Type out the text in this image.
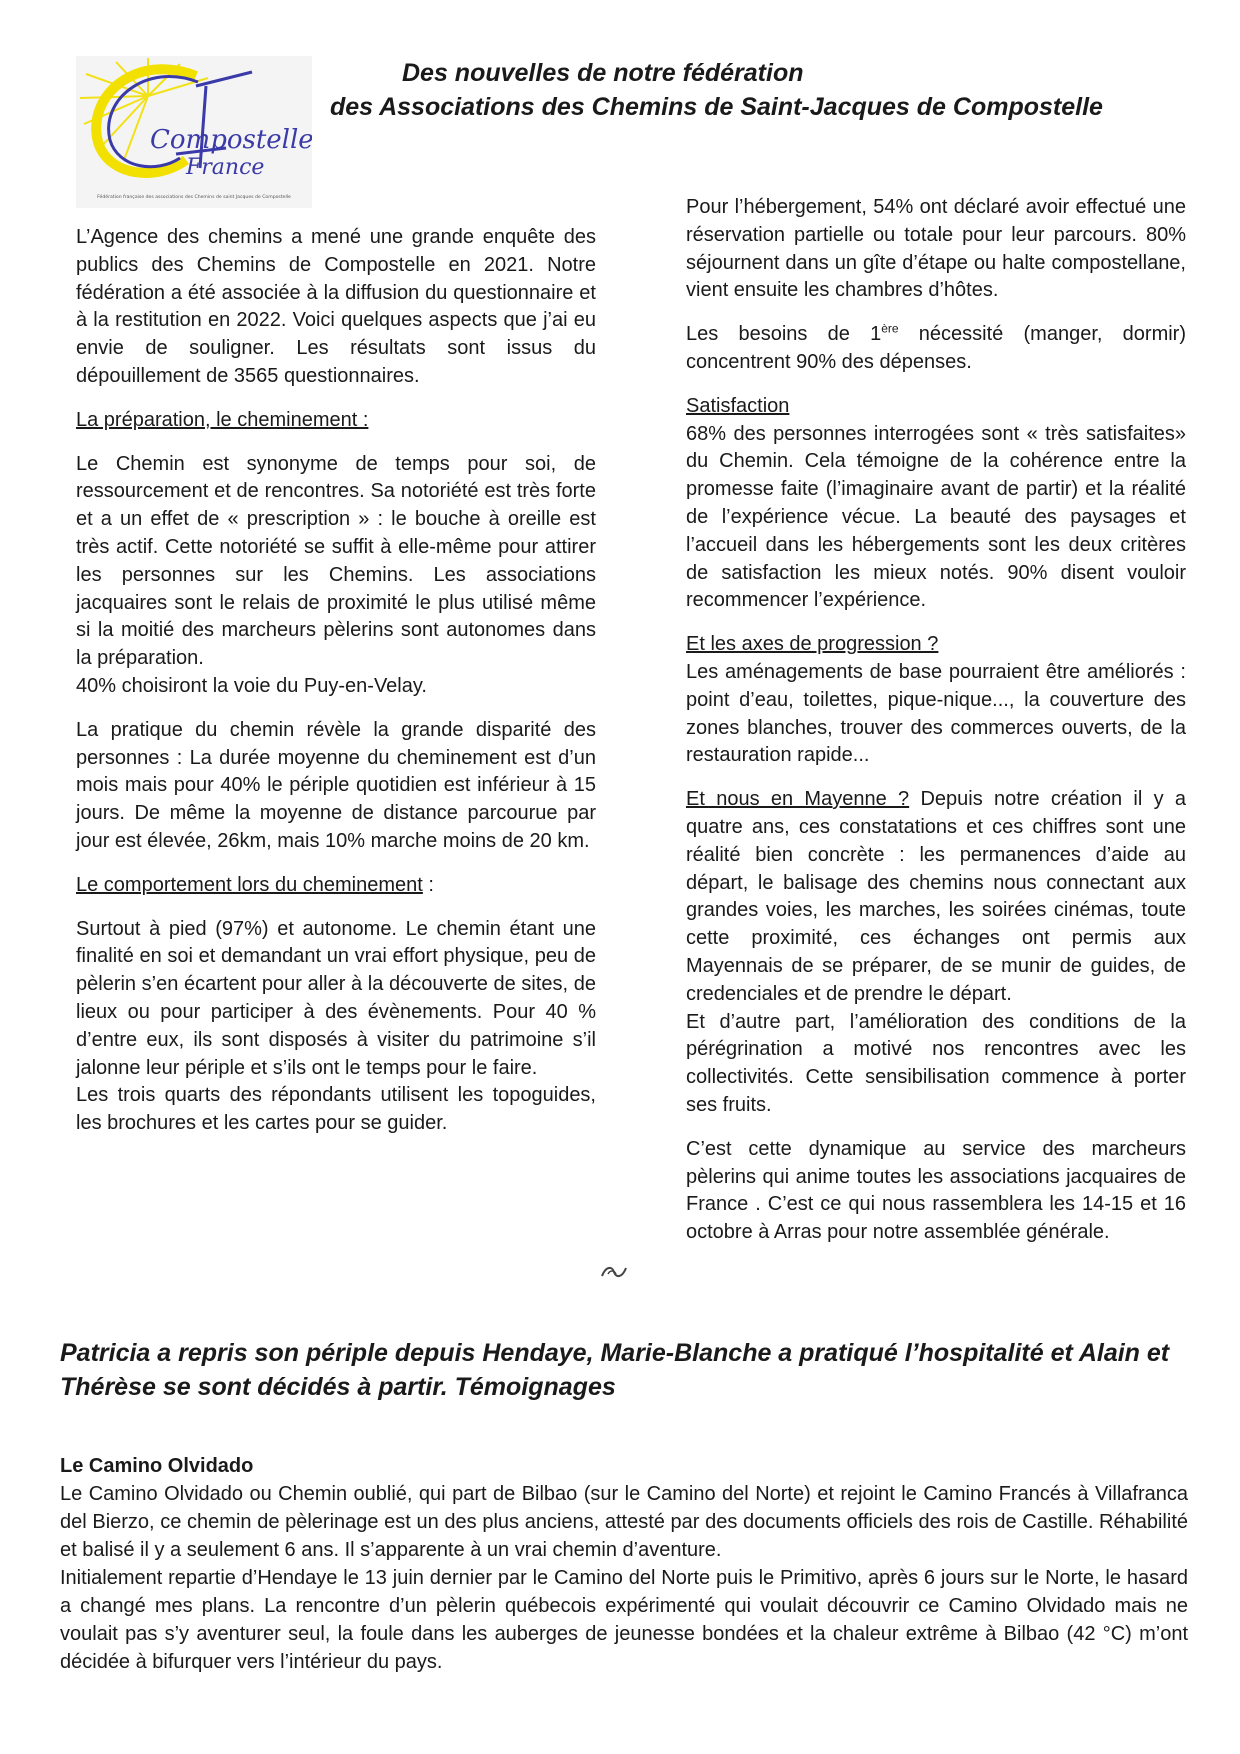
Compostelle
France
Fédération française des associations des Chemins de saint Jacques de Compostelle
Des nouvelles de notre fédération
des Associations des Chemins de Saint-Jacques de Compostelle

L’Agence des chemins a mené une grande enquête des publics des Chemins de Compostelle en 2021. Notre fédération a été associée à la diffusion du questionnaire et à la restitution en 2022. Voici quelques aspects que j’ai eu envie de souligner. Les résultats sont issus du dépouillement de 3565 questionnaires.

La préparation, le cheminement :

Le Chemin est synonyme de temps pour soi, de ressourcement et de rencontres. Sa notoriété est très forte et a un effet de « prescription » : le bouche à oreille est très actif. Cette notoriété se suffit à elle-même pour attirer les personnes sur les Chemins. Les associations jacquaires sont le relais de proximité le plus utilisé même si la moitié des marcheurs pèlerins sont autonomes dans la préparation.

40% choisiront la voie du Puy-en-Velay.

La pratique du chemin révèle la grande disparité des personnes : La durée moyenne du cheminement est d’un mois mais pour 40% le périple quotidien est inférieur à 15 jours. De même la moyenne de distance parcourue par jour est élevée, 26km, mais 10% marche moins de 20 km.

Le comportement lors du cheminement :

Surtout à pied (97%) et autonome. Le chemin étant une finalité en soi et demandant un vrai effort physique, peu de pèlerin s’en écartent pour aller à la découverte de sites, de lieux ou pour participer à des évènements. Pour 40 % d’entre eux, ils sont disposés à visiter du patrimoine s’il jalonne leur périple et s’ils ont le temps pour le faire.

Les trois quarts des répondants utilisent les topoguides, les brochures et les cartes pour se guider.

Pour l’hébergement, 54% ont déclaré avoir effectué une réservation partielle ou totale pour leur parcours. 80% séjournent dans un gîte d’étape ou halte compostellane, vient ensuite les chambres d’hôtes.

Les besoins de 1ère nécessité (manger, dormir) concentrent 90% des dépenses.

Satisfaction

68% des personnes interrogées sont « très satisfaites» du Chemin. Cela témoigne de la cohérence entre la promesse faite (l’imaginaire avant de partir) et la réalité de l’expérience vécue. La beauté des paysages et l’accueil dans les hébergements sont les deux critères de satisfaction les mieux notés. 90% disent vouloir recommencer l’expérience.

Et les axes de progression ?

Les aménagements de base pourraient être améliorés : point d’eau, toilettes, pique-nique..., la couverture des zones blanches, trouver des commerces ouverts, de la restauration rapide...

Et nous en Mayenne ? Depuis notre création il y a quatre ans, ces constatations et ces chiffres sont une réalité bien concrète : les permanences d’aide au départ, le balisage des chemins nous connectant aux grandes voies, les marches, les soirées cinémas, toute cette proximité, ces échanges ont permis aux Mayennais de se préparer, de se munir de guides, de credenciales et de prendre le départ.

Et d’autre part, l’amélioration des conditions de la pérégrination a motivé nos rencontres avec les collectivités. Cette sensibilisation commence à porter ses fruits.

C’est cette dynamique au service des marcheurs pèlerins qui anime toutes les associations jacquaires de France . C’est ce qui nous rassemblera les 14-15 et 16 octobre à Arras pour notre assemblée générale.

Patricia a repris son périple depuis Hendaye, Marie-Blanche a pratiqué l’hospitalité et Alain et Thérèse se sont décidés à partir. Témoignages
Le Camino Olvidado

Le Camino Olvidado ou Chemin oublié, qui part de Bilbao (sur le Camino del Norte) et rejoint le Camino Francés à Villafranca del Bierzo, ce chemin de pèlerinage est un des plus anciens, attesté par des documents officiels des rois de Castille. Réhabilité et balisé il y a seulement 6 ans. Il s’apparente à un vrai chemin d’aventure.

Initialement repartie d’Hendaye le 13 juin dernier par le Camino del Norte puis le Primitivo, après 6 jours sur le Norte, le hasard a changé mes plans. La rencontre d’un pèlerin québecois expérimenté qui voulait découvrir ce Camino Olvidado mais ne voulait pas s’y aventurer seul, la foule dans les auberges de jeunesse bondées et la chaleur extrême à Bilbao (42 °C) m’ont décidée à bifurquer vers l’intérieur du pays.
